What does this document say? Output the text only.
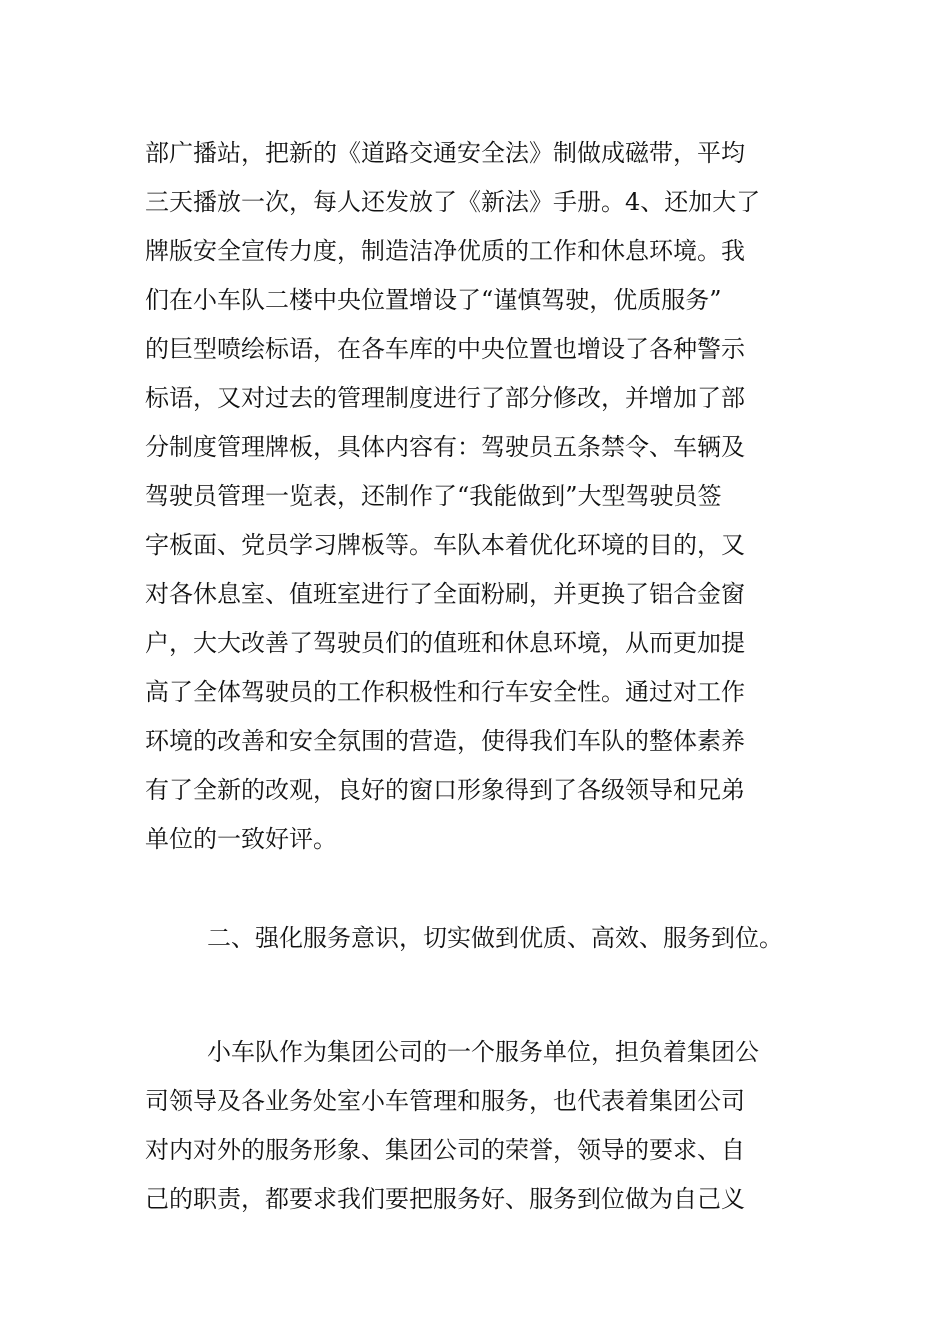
部广播站，把新的《道路交通安全法》制做成磁带，平均
三天播放一次，每人还发放了《新法》手册。4、还加大了
牌版安全宣传力度，制造洁净优质的工作和休息环境。我
们在小车队二楼中央位置增设了“谨慎驾驶，优质服务”
的巨型喷绘标语，在各车库的中央位置也增设了各种警示
标语，又对过去的管理制度进行了部分修改，并增加了部
分制度管理牌板，具体内容有：驾驶员五条禁令、车辆及
驾驶员管理一览表，还制作了“我能做到”大型驾驶员签
字板面、党员学习牌板等。车队本着优化环境的目的，又
对各休息室、值班室进行了全面粉刷，并更换了铝合金窗
户，大大改善了驾驶员们的值班和休息环境，从而更加提
高了全体驾驶员的工作积极性和行车安全性。通过对工作
环境的改善和安全氛围的营造，使得我们车队的整体素养
有了全新的改观，良好的窗口形象得到了各级领导和兄弟
单位的一致好评。
二、强化服务意识，切实做到优质、高效、服务到位。
小车队作为集团公司的一个服务单位，担负着集团公
司领导及各业务处室小车管理和服务，也代表着集团公司
对内对外的服务形象、集团公司的荣誉，领导的要求、自
己的职责，都要求我们要把服务好、服务到位做为自己义
